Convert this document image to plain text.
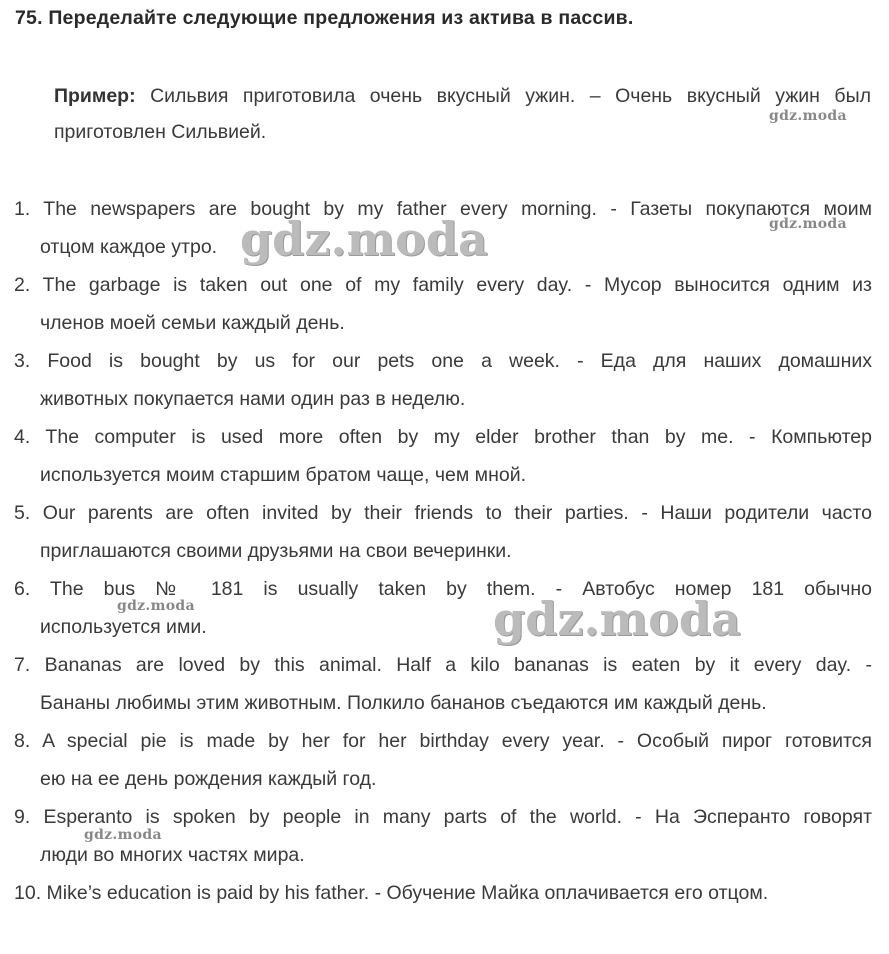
75. Переделайте следующие предложения из актива в пассив.
Пример: Сильвия приготовила очень вкусный ужин. – Очень вкусный ужин был приготовлен Сильвией.
1. The newspapers are bought by my father every morning. - Газеты покупаются моим
отцом каждое утро.
2. The garbage is taken out one of my family every day. - Мусор выносится одним из
членов моей семьи каждый день.
3. Food is bought by us for our pets one a week. - Еда для наших домашних
животных покупается нами один раз в неделю.
4. The computer is used more often by my elder brother than by me. - Компьютер
используется моим старшим братом чаще, чем мной.
5. Our parents are often invited by their friends to their parties. - Наши родители часто
приглашаются своими друзьями на свои вечеринки.
6. The bus № 181 is usually taken by them. - Автобус номер 181 обычно
используется ими.
7. Bananas are loved by this animal. Half a kilo bananas is eaten by it every day. -
Бананы любимы этим животным. Полкило бананов съедаются им каждый день.
8. A special pie is made by her for her birthday every year. - Особый пирог готовится
ею на ее день рождения каждый год.
9. Esperanto is spoken by people in many parts of the world. - На Эсперанто говорят
люди во многих частях мира.
10. Mike’s education is paid by his father. - Обучение Майка оплачивается его отцом.
gdz.moda
gdz.moda
gdz.moda
gdz.moda	gdz.moda
gdz.moda
